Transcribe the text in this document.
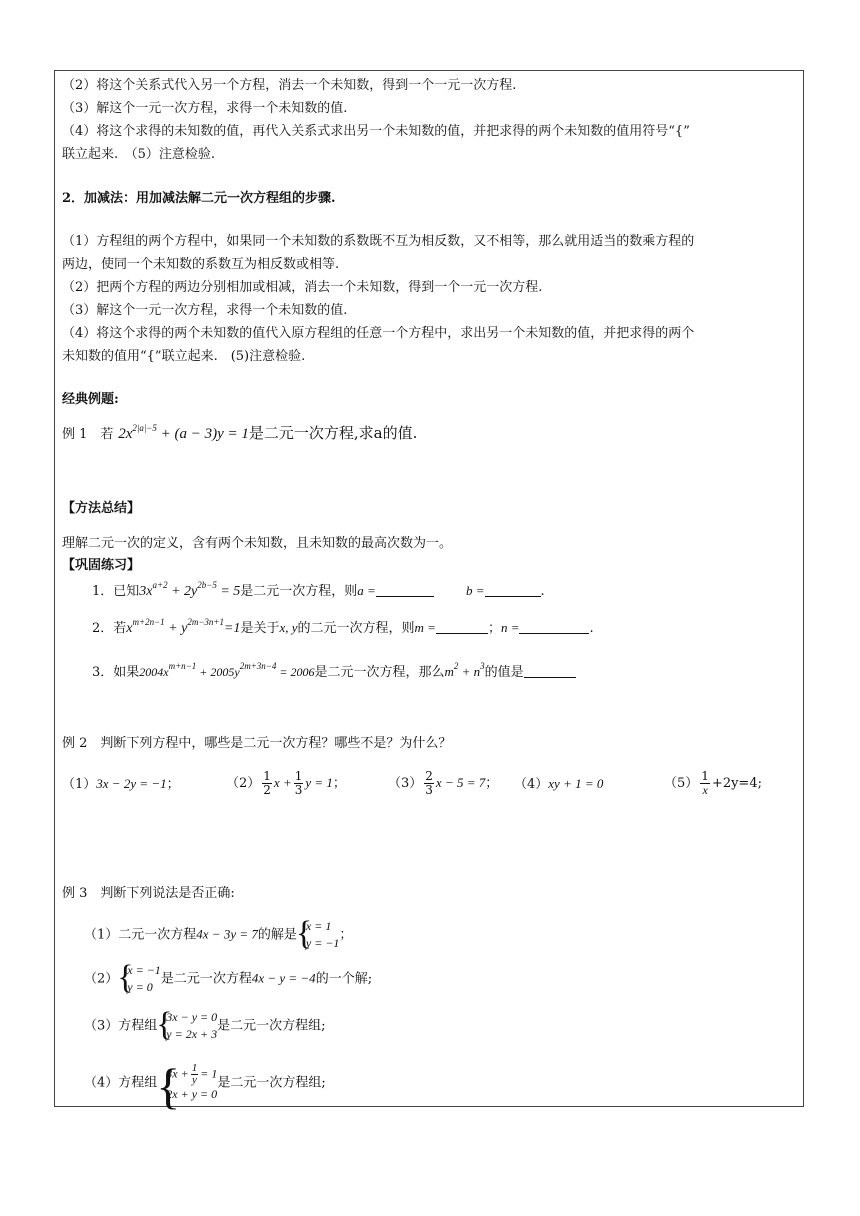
（2）将这个关系式代入另一个方程，消去一个未知数，得到一个一元一次方程.
（3）解这个一元一次方程，求得一个未知数的值.
（4）将这个求得的未知数的值，再代入关系式求出另一个未知数的值，并把求得的两个未知数的值用符号“{”
联立起来.　（5）注意检验.
2．加减法：用加减法解二元一次方程组的步骤.
（1）方程组的两个方程中，如果同一个未知数的系数既不互为相反数，又不相等，那么就用适当的数乘方程的
两边，使同一个未知数的系数互为相反数或相等.
（2）把两个方程的两边分别相加或相减，消去一个未知数，得到一个一元一次方程.
（3）解这个一元一次方程，求得一个未知数的值.
（4）将这个求得的两个未知数的值代入原方程组的任意一个方程中，求出另一个未知数的值，并把求得的两个
未知数的值用“{”联立起来.　(5)注意检验.
经典例题:
例 1　若 $2x^{2|a|-5} + (a - 3)y = 1$是二元一次方程,求a的值.
【方法总结】
理解二元一次的定义，含有两个未知数，且未知数的最高次数为一。
【巩固练习】
1．已知$3x^{a+2} + 2y^{2b-5} = 5$是二元一次方程，则a =	b =	.
2．若$x^{m+2n-1} + y^{2m-3n+1}=1$是关于x, y的二元一次方程，则m =	；n =	.
3．如果$2004x^{m+n-1} + 2005y^{2m+3n-4} = 2006$是二元一次方程，那么$m^2 + n^3$的值是
例 2　判断下列方程中，哪些是二元一次方程？哪些不是？为什么？
（1）3x − 2y = −1；	$(2) \frac{1}{2}$ $x + \frac{1}{3}$ y = 1；	$(3) \frac{2}{3}$ x − 5 = 7； （4）xy + 1 = 0	$(5) \frac{1}{x} +2y=4$;
例 3　判断下列说法是否正确:
（1）二元一次方程4x − 3y = 7的解是
{ x = 1
y = −1
；
（2）
{ x = −1
y = 0
是二元一次方程4x − y = −4的一个解;
（3）方程组
{ 3x − y = 0
y = 2x + 3
是二元一次方程组;
（4）方程组
{ $3x + \frac{1}{y} = 1$
2x + y = 0
是二元一次方程组;
